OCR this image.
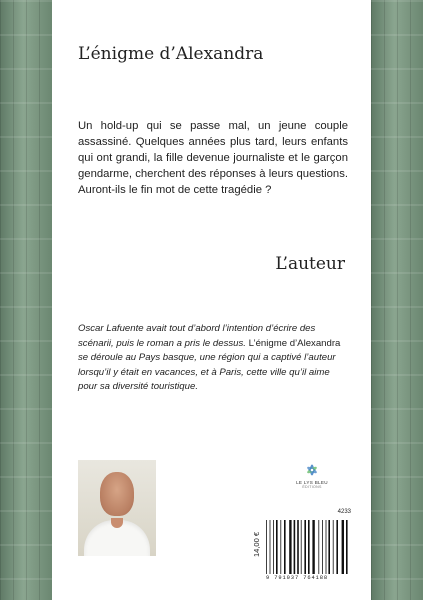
L’énigme d’Alexandra

Un hold-up qui se passe mal, un jeune couple assassiné. Quelques années plus tard, leurs enfants qui ont grandi, la fille devenue journaliste et le garçon gendarme, cherchent des réponses à leurs questions. Auront-ils le fin mot de cette tragédie ?

L’auteur

Oscar Lafuente avait tout d’abord l’intention d’écrire des scénarii, puis le roman a pris le dessus. L’énigme d’Alexandra se déroule au Pays basque, une région qui a captivé l’auteur lorsqu’il y était en vacances, et à Paris, cette ville qu’il aime pour sa diversité touristique.

LE LYS BLEU
ÉDITIONS
4233
14,00 €
9 791037 764188
